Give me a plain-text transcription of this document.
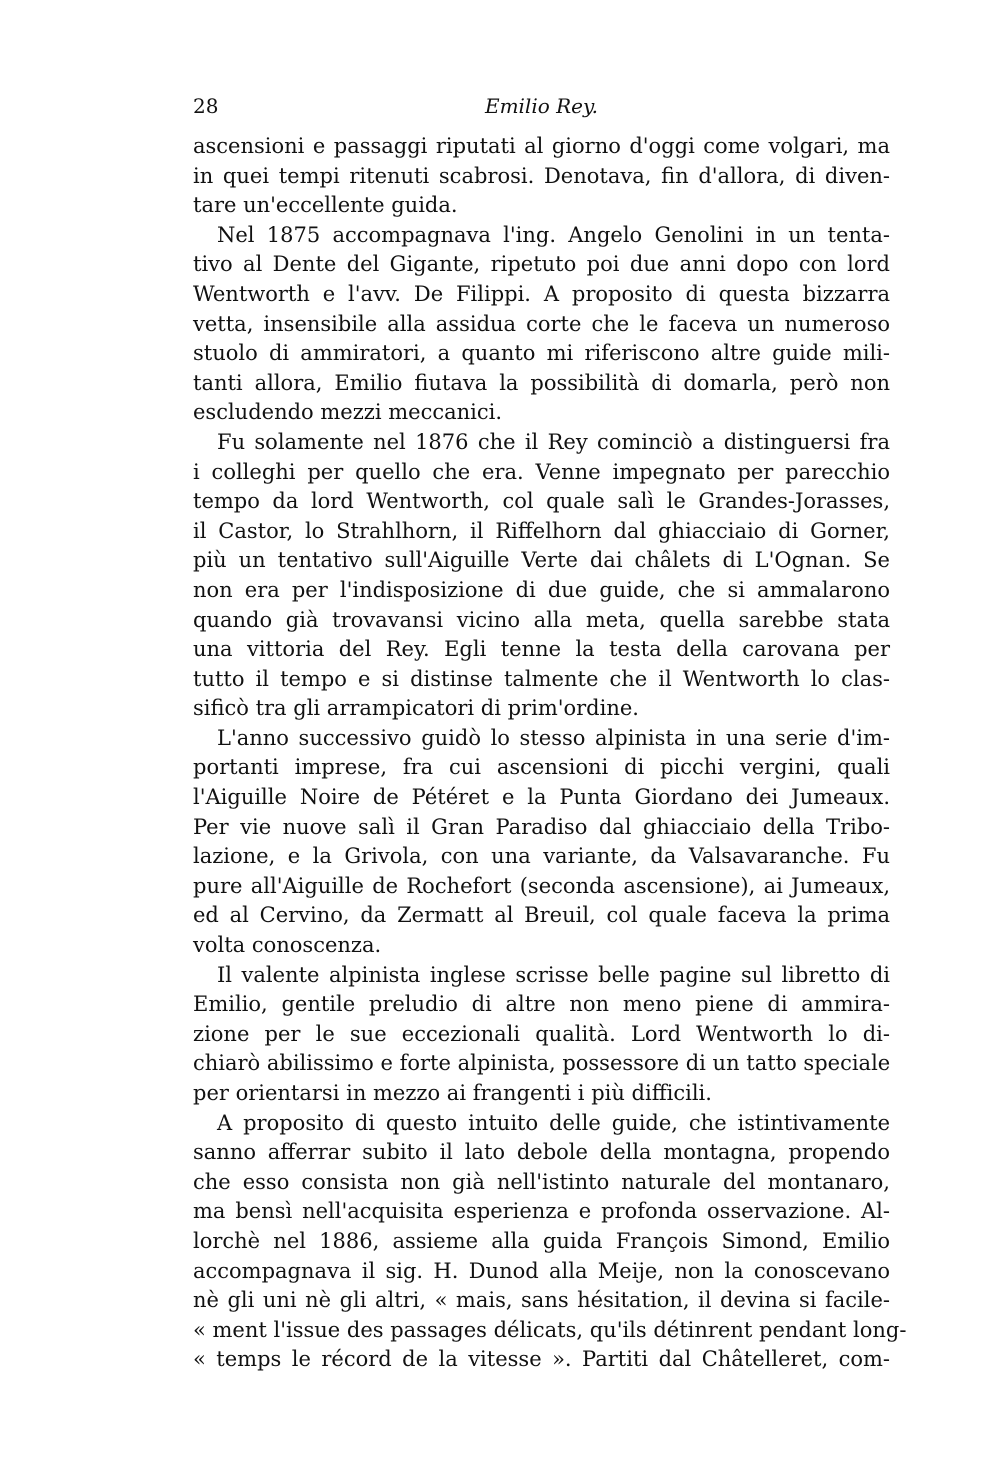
28	Emilio Rey.
ascensioni e passaggi riputati al giorno d'oggi come volgari, ma
in quei tempi ritenuti scabrosi. Denotava, fin d'allora, di diven-
tare un'eccellente guida.
Nel 1875 accompagnava l'ing. Angelo Genolini in un tenta-
tivo al Dente del Gigante, ripetuto poi due anni dopo con lord
Wentworth e l'avv. De Filippi. A proposito di questa bizzarra
vetta, insensibile alla assidua corte che le faceva un numeroso
stuolo di ammiratori, a quanto mi riferiscono altre guide mili-
tanti allora, Emilio fiutava la possibilità di domarla, però non
escludendo mezzi meccanici.
Fu solamente nel 1876 che il Rey cominciò a distinguersi fra
i colleghi per quello che era. Venne impegnato per parecchio
tempo da lord Wentworth, col quale salì le Grandes-Jorasses,
il Castor, lo Strahlhorn, il Riffelhorn dal ghiacciaio di Gorner,
più un tentativo sull'Aiguille Verte dai châlets di L'Ognan. Se
non era per l'indisposizione di due guide, che si ammalarono
quando già trovavansi vicino alla meta, quella sarebbe stata
una vittoria del Rey. Egli tenne la testa della carovana per
tutto il tempo e si distinse talmente che il Wentworth lo clas-
sificò tra gli arrampicatori di prim'ordine.
L'anno successivo guidò lo stesso alpinista in una serie d'im-
portanti imprese, fra cui ascensioni di picchi vergini, quali
l'Aiguille Noire de Pétéret e la Punta Giordano dei Jumeaux.
Per vie nuove salì il Gran Paradiso dal ghiacciaio della Tribo-
lazione, e la Grivola, con una variante, da Valsavaranche. Fu
pure all'Aiguille de Rochefort (seconda ascensione), ai Jumeaux,
ed al Cervino, da Zermatt al Breuil, col quale faceva la prima
volta conoscenza.
Il valente alpinista inglese scrisse belle pagine sul libretto di
Emilio, gentile preludio di altre non meno piene di ammira-
zione per le sue eccezionali qualità. Lord Wentworth lo di-
chiarò abilissimo e forte alpinista, possessore di un tatto speciale
per orientarsi in mezzo ai frangenti i più difficili.
A proposito di questo intuito delle guide, che istintivamente
sanno afferrar subito il lato debole della montagna, propendo
che esso consista non già nell'istinto naturale del montanaro,
ma bensì nell'acquisita esperienza e profonda osservazione. Al-
lorchè nel 1886, assieme alla guida François Simond, Emilio
accompagnava il sig. H. Dunod alla Meije, non la conoscevano
nè gli uni nè gli altri, « mais, sans hésitation, il devina si facile-
« ment l'issue des passages délicats, qu'ils détinrent pendant long-
« temps le récord de la vitesse ». Partiti dal Châtelleret, com-
